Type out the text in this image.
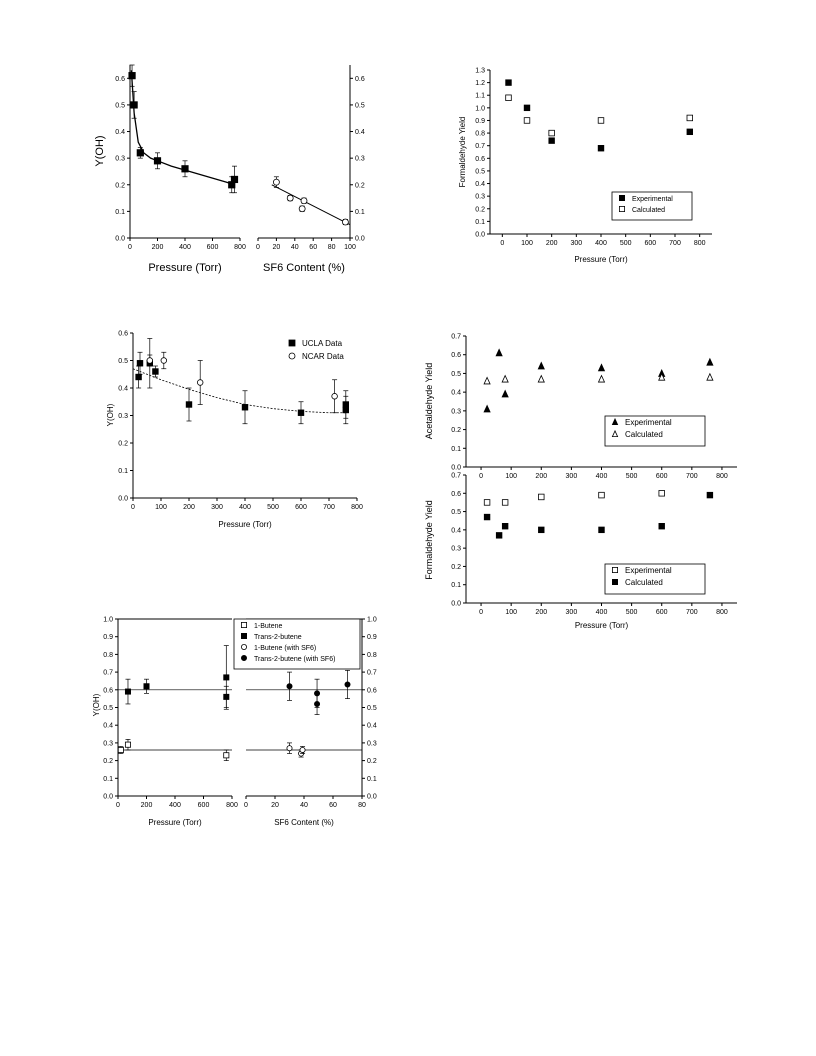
0	200 400 600 800
0.0
0.1
0.2
0.3
0.4
0.5
0.6
Pressure (Torr)
Y(OH)
0 20 40 60 80 100
0.0
0.1
0.2
0.3
0.4
0.5
0.6
SF6 Content (%)
0 100 200 300 400 500 600 700 800
0.0
0.1
0.2
0.3
0.4
0.5
0.6
0.7
0.8
0.9
1.0
1.1
1.2
1.3
Pressure (Torr)
Formaldehyde Yield
Experimental
Calculated
0	100 200 300 400 500 600 700 800
0.0
0.1
0.2
0.3
0.4
0.5
0.6
Pressure (Torr)
Y(OH)
UCLA Data
NCAR Data
0	100	200	300	400	500	600	700	800
0.0
0.1
0.2
0.3
0.4
0.5
0.6
0.7
Acetaldehyde Yield	Experimental
Calculated
0	100	200	300	400	500	600	700	800
0.0
0.1
0.2
0.3
0.4
0.5
0.6
0.7
Pressure (Torr)
Formaldehyde Yield	Experimental
Calculated
0	200 400 600 800
0.0
0.1
0.2
0.3
0.4
0.5
0.6
0.7
0.8
0.9
1.0
Pressure (Torr)
Y(OH)
0	20	40	60	80
0.0
0.1
0.2
0.3
0.4
0.5
0.6
0.7
0.8
0.9
1.0
SF6 Content (%)
1-Butene
Trans-2-butene
1-Butene (with SF6)
Trans-2-butene (with SF6)
